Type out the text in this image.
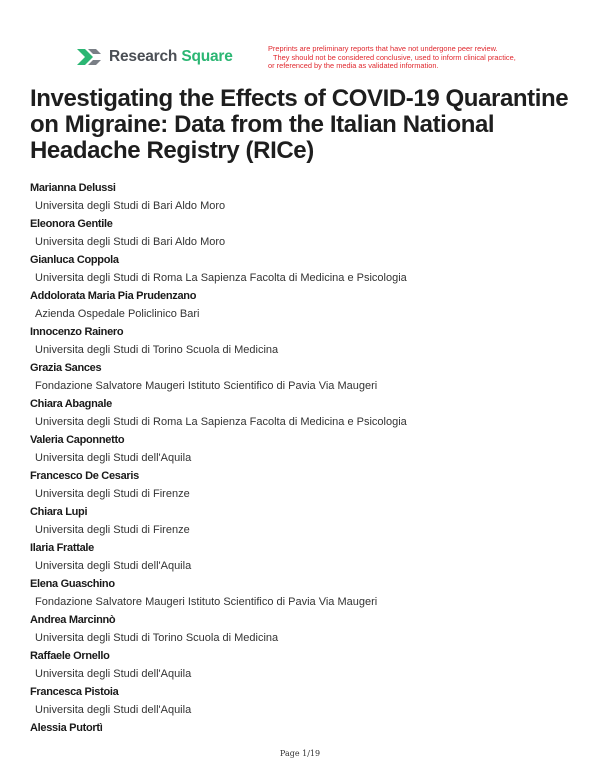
Research Square	Preprints are preliminary reports that have not undergone peer review.
They should not be considered conclusive, used to inform clinical practice,
or referenced by the media as validated information.
Investigating the Effects of COVID-19 Quarantine on Migraine: Data from the Italian National Headache Registry (RICe)
Marianna Delussi
Universita degli Studi di Bari Aldo Moro
Eleonora Gentile
Universita degli Studi di Bari Aldo Moro
Gianluca Coppola
Universita degli Studi di Roma La Sapienza Facolta di Medicina e Psicologia
Addolorata Maria Pia Prudenzano
Azienda Ospedale Policlinico Bari
Innocenzo Rainero
Universita degli Studi di Torino Scuola di Medicina
Grazia Sances
Fondazione Salvatore Maugeri Istituto Scientifico di Pavia Via Maugeri
Chiara Abagnale
Universita degli Studi di Roma La Sapienza Facolta di Medicina e Psicologia
Valeria Caponnetto
Universita degli Studi dell'Aquila
Francesco De Cesaris
Universita degli Studi di Firenze
Chiara Lupi
Universita degli Studi di Firenze
Ilaria Frattale
Universita degli Studi dell'Aquila
Elena Guaschino
Fondazione Salvatore Maugeri Istituto Scientifico di Pavia Via Maugeri
Andrea Marcinnò
Universita degli Studi di Torino Scuola di Medicina
Raffaele Ornello
Universita degli Studi dell'Aquila
Francesca Pistoia
Universita degli Studi dell'Aquila
Alessia Putortì
Page 1/19
